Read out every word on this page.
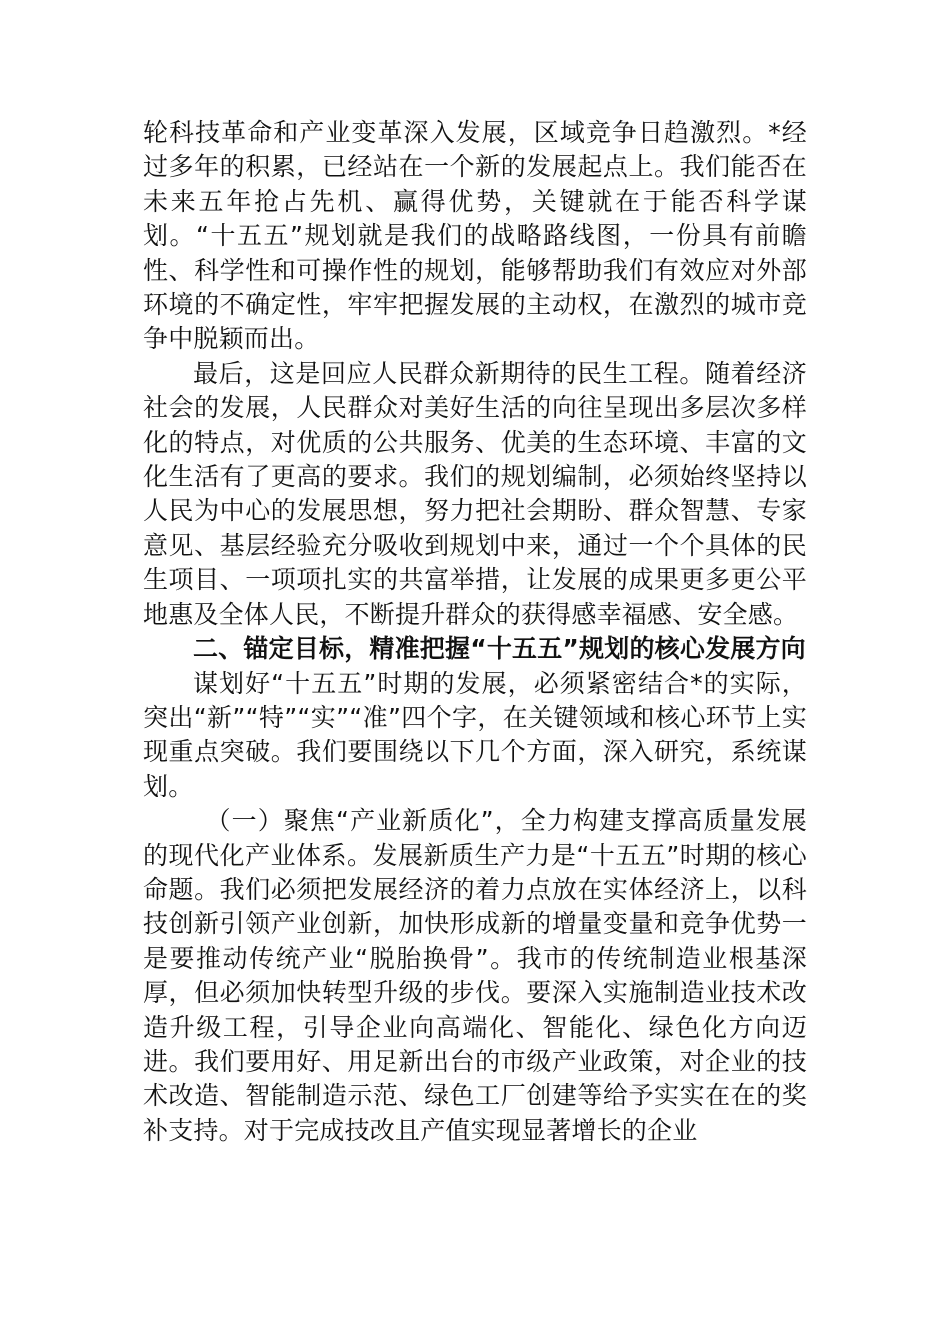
轮科技革命和产业变革深入发展，区域竞争日趋激烈。*经过多年的积累，已经站在一个新的发展起点上。我们能否在未来五年抢占先机、赢得优势，关键就在于能否科学谋划。“十五五”规划就是我们的战略路线图，一份具有前瞻性、科学性和可操作性的规划，能够帮助我们有效应对外部环境的不确定性，牢牢把握发展的主动权，在激烈的城市竞争中脱颖而出。

最后，这是回应人民群众新期待的民生工程。随着经济社会的发展，人民群众对美好生活的向往呈现出多层次多样化的特点，对优质的公共服务、优美的生态环境、丰富的文化生活有了更高的要求。我们的规划编制，必须始终坚持以人民为中心的发展思想，努力把社会期盼、群众智慧、专家意见、基层经验充分吸收到规划中来，通过一个个具体的民生项目、一项项扎实的共富举措，让发展的成果更多更公平地惠及全体人民，不断提升群众的获得感幸福感、安全感。

二、锚定目标，精准把握“十五五”规划的核心发展方向

谋划好“十五五”时期的发展，必须紧密结合*的实际，突出“新”“特”“实”“准”四个字，在关键领域和核心环节上实现重点突破。我们要围绕以下几个方面，深入研究，系统谋划。

（一）聚焦“产业新质化”，全力构建支撑高质量发展的现代化产业体系。发展新质生产力是“十五五”时期的核心命题。我们必须把发展经济的着力点放在实体经济上，以科技创新引领产业创新，加快形成新的增量变量和竞争优势一是要推动传统产业“脱胎换骨”。我市的传统制造业根基深厚，但必须加快转型升级的步伐。要深入实施制造业技术改造升级工程，引导企业向高端化、智能化、绿色化方向迈进。我们要用好、用足新出台的市级产业政策，对企业的技术改造、智能制造示范、绿色工厂创建等给予实实在在的奖补支持。对于完成技改且产值实现显著增长的企业
